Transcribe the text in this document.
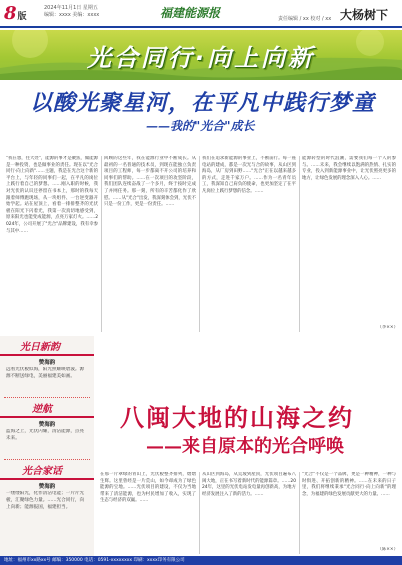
8版
2024年11月1日 星期五
编辑：xxxx 美编：xxxx	福建能源报	责任编辑 / xx 校对 / xx 大杨树下
光合同行·向上向新
以酸光聚星河，在平凡中践行梦童
——我的"光合"成长
"我在想，往大处"，能源的事才是聚焦，做能源是一种投资，也是做事业的责任。现在以"光合同行·向上向新"……主题，我是在光合这个新的平台上，与年轻的同事们一起，在平凡的岗位上践行着自己的梦想。……刚入职的时候，我对光伏的认识还停留在书本上，那时的我每天跟着师傅跑现场，从一块组件、一台逆变器开始学起。站在屋顶上，看着一排排整齐的光伏板在阳光下闪着光，我第一次真切地感受到，原来阳光也能变成能源，点亮万家灯火。……2024年，公司开展了"光合"品牌建设，我有幸参与其中……
回顾的这些年，我在能源行业中不断成长。从最初的一名普通的技术员，到现在能独立负责项目的工程师，每一步都离不开公司的培养和同事们的帮助。……在一次项目的攻坚阶段，我们团队连续奋战了一个多月，终于按时完成了并网任务。那一刻，所有的辛苦都化作了欣慰。……从"光合"出发，我深刻体会到，光伏不只是一份工作，更是一份责任。……
我们在追求新能源的事业上，不断前行。每一座电站的建成，都是一次光与合的故事，从山区到海岛，从厂房到田野……"光合"正在以越来越多的方式，走进千家万户。……作为一名青年员工，我深知自己肩负的使命，也更加坚定了在平凡岗位上践行梦想的信念。……
能源转型的时代浪潮，需要我们每一个人的参与。……未来，我会继续以饱满的热情、扎实的专业，投入到新能源事业中，让光伏照亮更多的地方，让绿色发展的理念深入人心。……
（李××）
光日新韵
赞海韵
远看光伏板似海，阳光照耀映碧波。源源不断送绿电，美丽福建美如画。
逆航
赞海韵
蓝海之上，光伏闪耀，清洁能源，点亮未来。
光合家话
赞海韵
一缕缕阳光，化作清洁电能；一片片光板，汇聚绿色力量。……光合同行，向上向新；能源报国，福建担当。
八闽大地的山海之约
——来自原本的光合呼唤
在那一片翠绿的青山上，光伏板整齐排列，熠熠生辉。这里曾经是一片荒山，如今却成为了绿色能源的宝地。……光伏项目的建设，不仅为当地带来了清洁能源，也为村民增加了收入，实现了生态与经济的双赢。……
从山区到海岛，从荒坡到屋顶，光伏项目遍布八闽大地，正在书写着新时代的能源篇章。……2024年，这里的光伏电站发电量再创新高，为地方经济发展注入了新的活力。……
"光合"不仅是一个品牌，更是一种精神，一种与时俱进、开拓创新的精神。……在未来的日子里，我们将继续秉承"光合同行·向上向新"的理念，为福建的绿色发展贡献更大的力量。……
（陈××）
地址：福州市xx路xx号 邮编：350000 电话：0591-xxxxxxxx 印刷：xxxx印务有限公司
